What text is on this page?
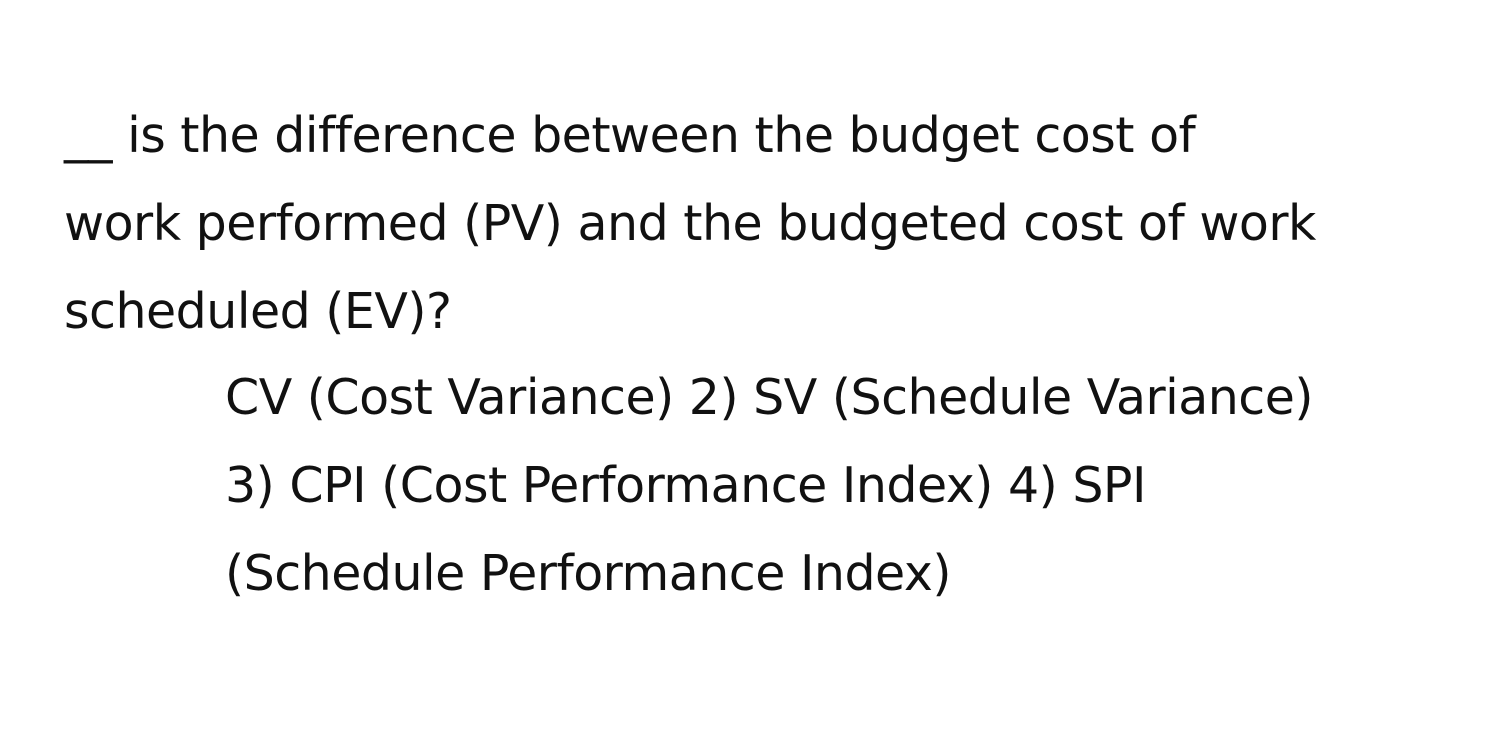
__ is the difference between the budget cost of
work performed (PV) and the budgeted cost of work
scheduled (EV)?
CV (Cost Variance) 2) SV (Schedule Variance)
3) CPI (Cost Performance Index) 4) SPI
(Schedule Performance Index)
